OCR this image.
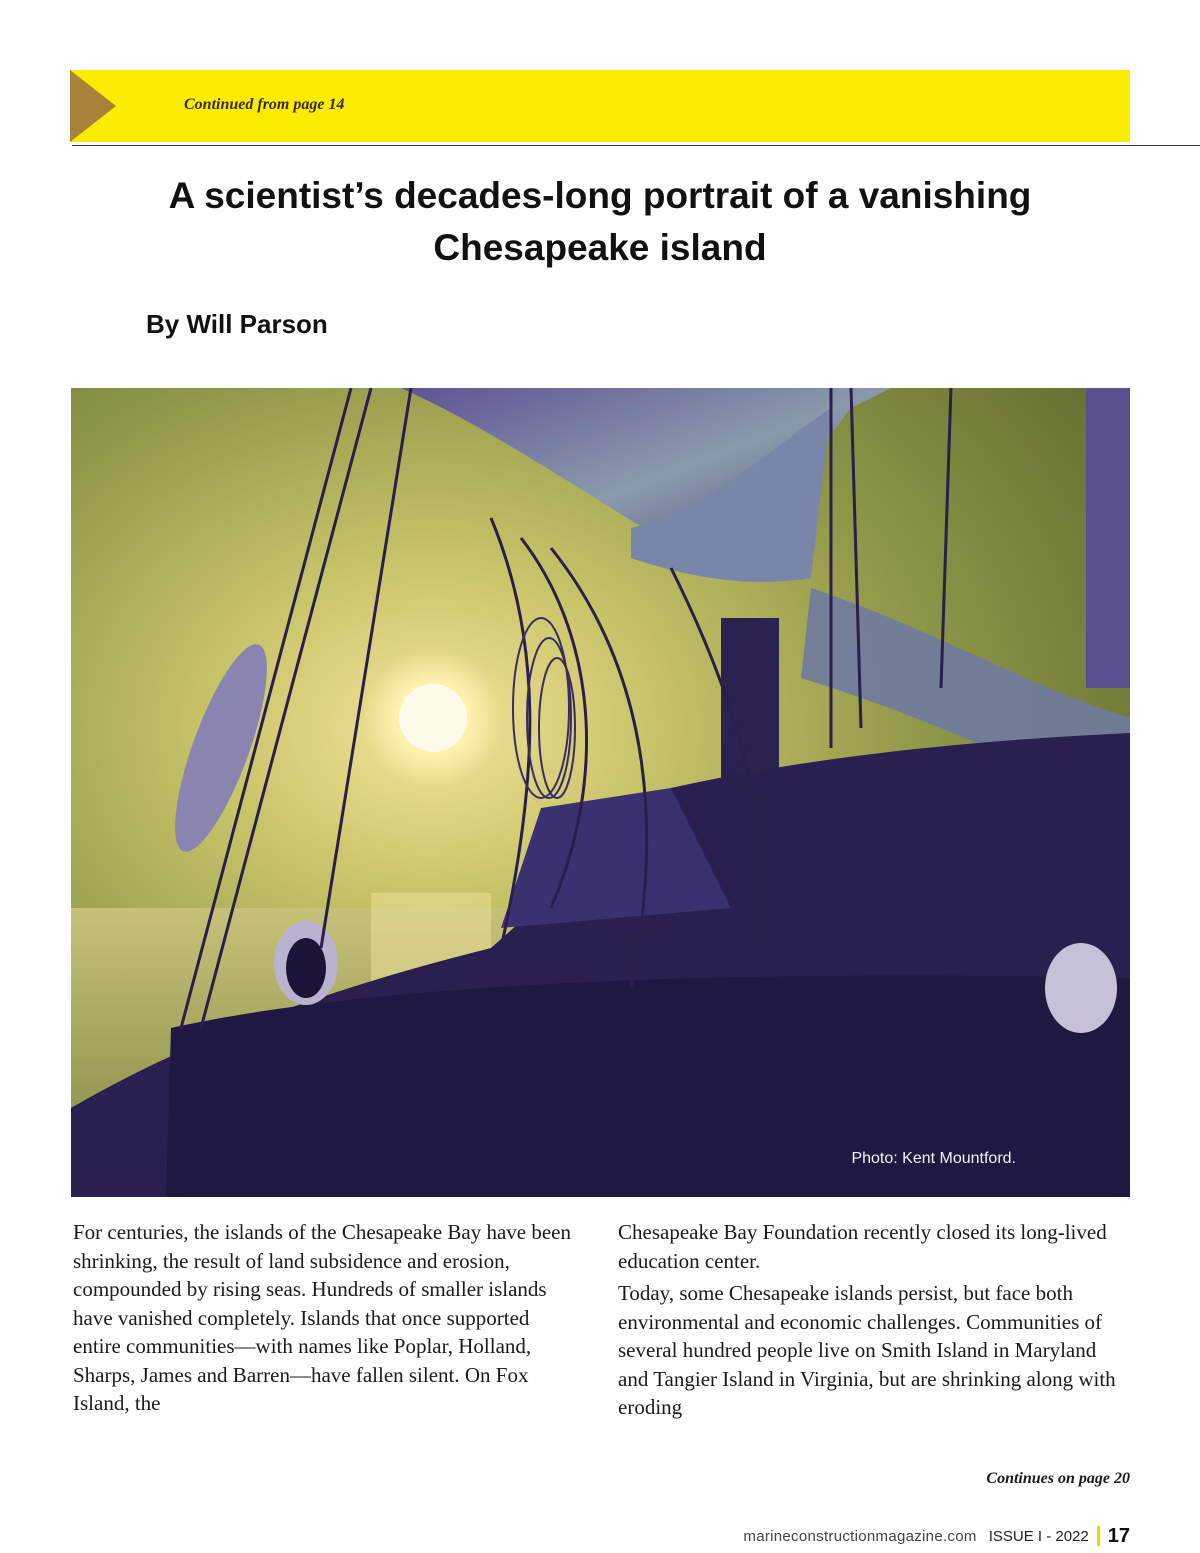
Continued from page 14
A scientist’s decades-long portrait of a vanishing Chesapeake island
By Will Parson
Photo: Kent Mountford.

For centuries, the islands of the Chesapeake Bay have been shrinking, the result of land subsidence and erosion, compounded by rising seas. Hundreds of smaller islands have vanished completely. Islands that once supported entire communities—with names like Poplar, Holland, Sharps, James and Barren—have fallen silent. On Fox Island, the

Chesapeake Bay Foundation recently closed its long-lived education center.

Today, some Chesapeake islands persist, but face both environmental and economic challenges. Communities of several hundred people live on Smith Island in Maryland and Tangier Island in Virginia, but are shrinking along with eroding

Continues on page 20
marineconstructionmagazine.com ISSUE I - 2022 17
